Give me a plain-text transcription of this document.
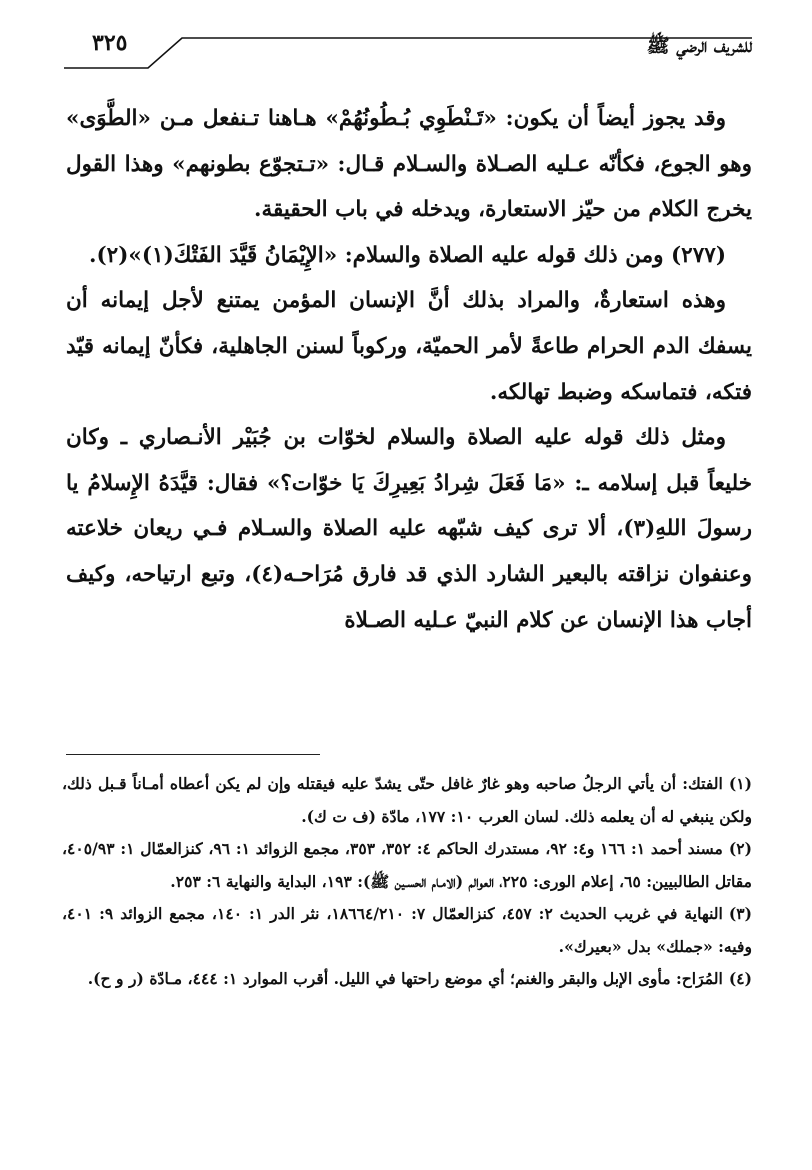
٣٢٥	للشريف الرضي ﷺ

وقد يجوز أيضاً أن يكون: «تَـنْطَوِي بُـطُونُهُمْ» هـاهنا تـنفعل مـن «الطَّوَى» وهو الجوع، فكأنّه عـليه الصـلاة والسـلام قـال: «تـتجوّع بطونهم» وهذا القول يخرج الكلام من حيّز الاستعارة، ويدخله في باب الحقيقة.

(٢٧٧) ومن ذلك قوله عليه الصلاة والسلام: «الإِيْمَانُ قَيَّدَ الفَتْكَ(١)»(٢).

وهذه استعارةٌ، والمراد بذلك أنَّ الإنسان المؤمن يمتنع لأجل إيمانه أن يسفك الدم الحرام طاعةً لأمر الحميّة، وركوباً لسنن الجاهلية، فكأنّ إيمانه قيّد فتكه، فتماسكه وضبط تهالكه.

ومثل ذلك قوله عليه الصلاة والسلام لخوّات بن جُبَيْر الأنـصاري ـ وكان خليعاً قبل إسلامه ـ: «مَا فَعَلَ شِرادُ بَعِيرِكَ يَا خوّات؟» فقال: قيَّدَهُ الإِسلامُ يا رسولَ اللهِ(٣)، ألا ترى كيف شبّهه عليه الصلاة والسـلام فـي ريعان خلاعته وعنفوان نزاقته بالبعير الشارد الذي قد فارق مُرَاحـه(٤)، وتبع ارتياحه، وكيف أجاب هذا الإنسان عن كلام النبيّ عـليه الصـلاة

(١)الفتك: أن يأتي الرجلُ صاحبه وهو غارٌ غافل حتّى يشدّ عليه فيقتله وإن لم يكن أعطاه أمـاناً قـبل ذلك، ولكن ينبغي له أن يعلمه ذلك. لسان العرب ١٠: ١٧٧، مادّة (ف ت ك).

(٢)مسند أحمد ١: ١٦٦ و٤: ٩٢، مستدرك الحاكم ٤: ٣٥٢، ٣٥٣، مجمع الزوائد ١: ٩٦، كنزالعمّال ١: ٤٠٥/٩٣، مقاتل الطالبيين: ٦٥، إعلام الورى: ٢٢٥، العوالم (الامـام الحسـين ﷺ): ١٩٣، البداية والنهاية ٦: ٢٥٣.

(٣)النهاية في غريب الحديث ٢: ٤٥٧، كنزالعمّال ٧: ١٨٦٦٤/٢١٠، نثر الدر ١: ١٤٠، مجمع الزوائد ٩: ٤٠١، وفيه: «جملك» بدل «بعيرك».

(٤)المُرَاح: مأوى الإبل والبقر والغنم؛ أي موضع راحتها في الليل. أقرب الموارد ١: ٤٤٤، مـادّة (ر و ح).
